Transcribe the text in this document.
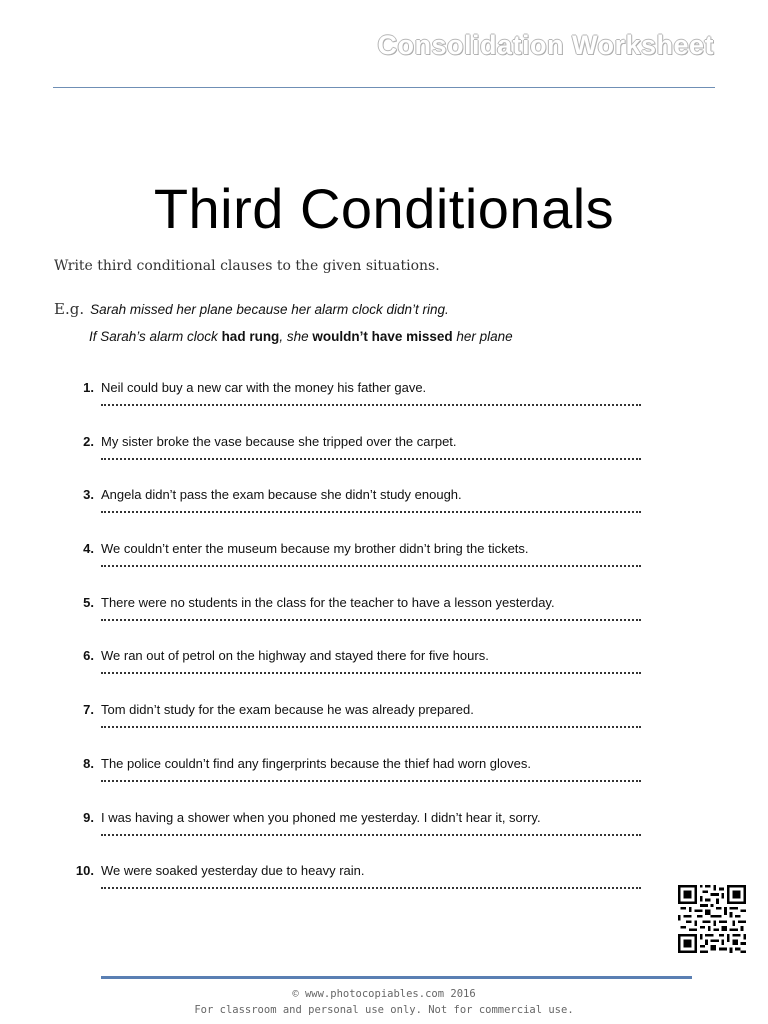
Consolidation Worksheet
Third Conditionals
Write third conditional clauses to the given situations.
E.g. Sarah missed her plane because her alarm clock didn’t ring.
If Sarah’s alarm clock had rung, she wouldn’t have missed her plane
1. Neil could buy a new car with the money his father gave.
2. My sister broke the vase because she tripped over the carpet.
3. Angela didn’t pass the exam because she didn’t study enough.
4. We couldn’t enter the museum because my brother didn’t bring the tickets.
5. There were no students in the class for the teacher to have a lesson yesterday.
6. We ran out of petrol on the highway and stayed there for five hours.
7. Tom didn’t study for the exam because he was already prepared.
8. The police couldn’t find any fingerprints because the thief had worn gloves.
9. I was having a shower when you phoned me yesterday. I didn’t hear it, sorry.
10. We were soaked yesterday due to heavy rain.
© www.photocopiables.com 2016
For classroom and personal use only. Not for commercial use.
